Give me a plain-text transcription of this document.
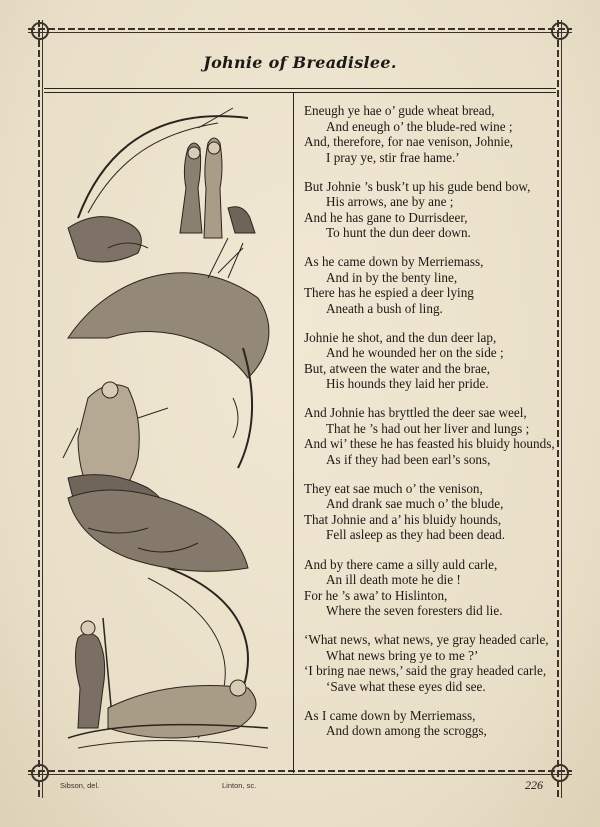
Johnie of Breadislee.
Eneugh ye hae o’ gude wheat bread,
And eneugh o’ the blude-red wine ;
And, therefore, for nae venison, Johnie,
I pray ye, stir frae hame.’
But Johnie ’s busk’t up his gude bend bow,
His arrows, ane by ane ;
And he has gane to Durrisdeer,
To hunt the dun deer down.
As he came down by Merriemass,
And in by the benty line,
There has he espied a deer lying
Aneath a bush of ling.
Johnie he shot, and the dun deer lap,
And he wounded her on the side ;
But, atween the water and the brae,
His hounds they laid her pride.
And Johnie has bryttled the deer sae weel,
That he ’s had out her liver and lungs ;
And wi’ these he has feasted his bluidy hounds,
As if they had been earl’s sons,
They eat sae much o’ the venison,
And drank sae much o’ the blude,
That Johnie and a’ his bluidy hounds,
Fell asleep as they had been dead.
And by there came a silly auld carle,
An ill death mote he die !
For he ’s awa’ to Hislinton,
Where the seven foresters did lie.
‘What news, what news, ye gray headed carle,
What news bring ye to me ?’
‘I bring nae news,’ said the gray headed carle,
‘Save what these eyes did see.
As I came down by Merriemass,
And down among the scroggs,
Sibson, del.	Linton, sc.	226
